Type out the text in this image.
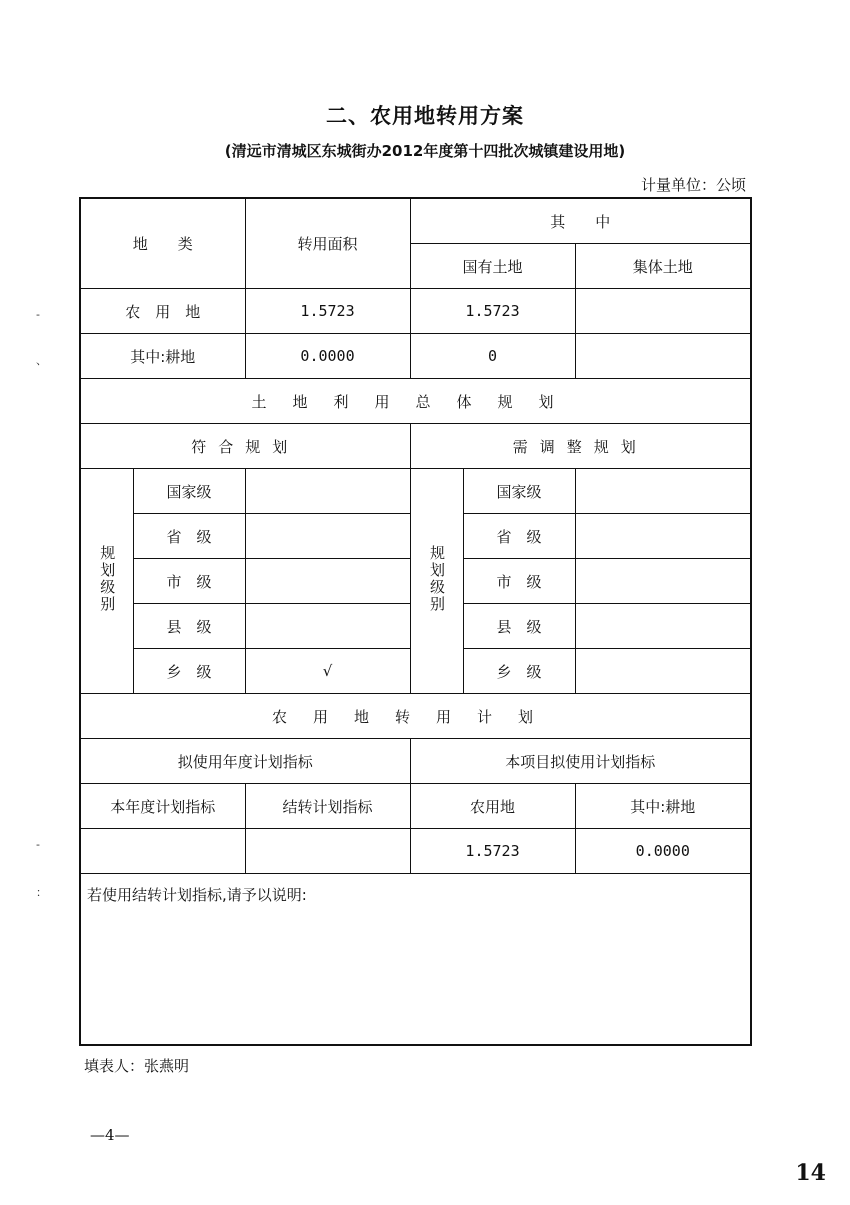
二、农用地转用方案
(清远市清城区东城街办2012年度第十四批次城镇建设用地)
计量单位：公顷
-
、
-
：
地　　类		转用面积	其　　中		
			国有土地		集体土地
农　用　地		1.5723	1.5723		
其中:耕地		0.0000	0		
土地利用总体规划					
符合规划			需调整规划		
规划级别	国家级		规划级别	国家级	
	省　级			省　级	
	市　级			市　级	
	县　级			县　级	
	乡　级	√		乡　级	
农用地转用计划					
拟使用年度计划指标			本项目拟使用计划指标		
本年度计划指标		结转计划指标	农用地		其中:耕地
			1.5723		0.0000
若使用结转计划指标,请予以说明:					
填表人：张燕明
—4—
14
